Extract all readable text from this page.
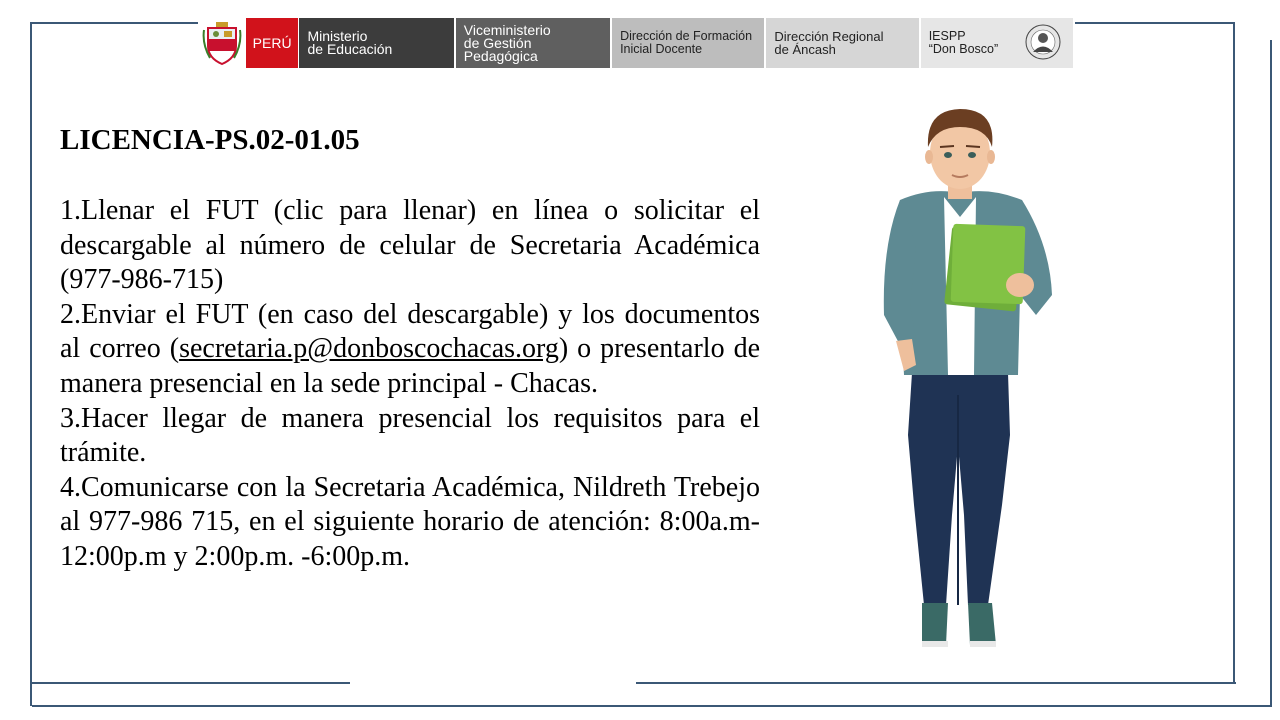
PERÚ Ministerio
de Educación
Viceministerio
de Gestión Pedagógica
Dirección de Formación
Inicial Docente
Dirección Regional
de Áncash
IESPP
“Don Bosco”
LICENCIA-PS.02-01.05

1.Llenar el FUT (clic para llenar) en línea o solicitar el descargable al número de celular de Secretaria Académica (977-986-715)

2.Enviar el FUT (en caso del descargable) y los documentos al correo (secretaria.p@donboscochacas.org) o presentarlo de manera presencial en la sede principal - Chacas.

3.Hacer llegar de manera presencial los requisitos para el trámite.

4.Comunicarse con la Secretaria Académica, Nildreth Trebejo al 977-986 715, en el siguiente horario de atención: 8:00a.m-12:00p.m y 2:00p.m. -6:00p.m.
